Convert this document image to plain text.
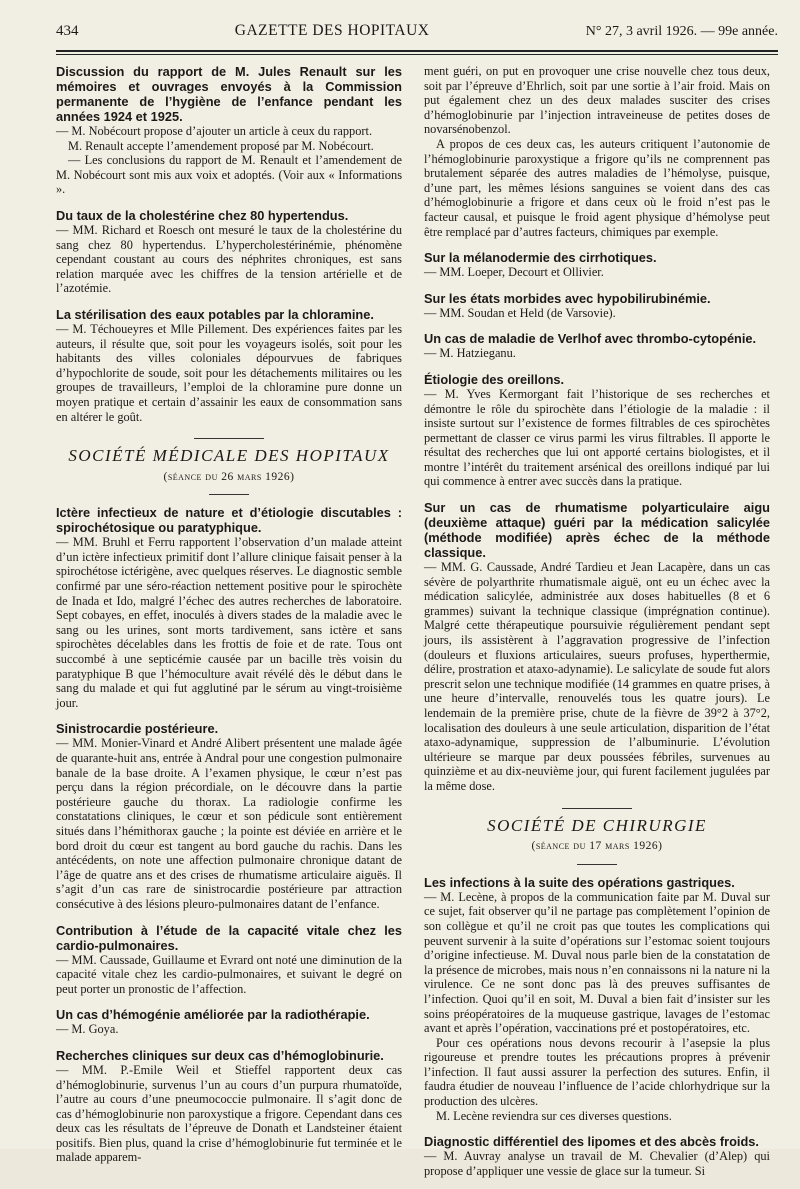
434	GAZETTE DES HOPITAUX	N° 27, 3 avril 1926. — 99e année.
Discussion du rapport de M. Jules Renault sur les mémoires et ouvrages envoyés à la Commission permanente de l’hygiène de l’enfance pendant les années 1924 et 1925.

— M. Nobécourt propose d’ajouter un article à ceux du rapport.

M. Renault accepte l’amendement proposé par M. Nobécourt.

— Les conclusions du rapport de M. Renault et l’amendement de M. Nobécourt sont mis aux voix et adoptés. (Voir aux « Informations ».

Du taux de la cholestérine chez 80 hypertendus.

— MM. Richard et Roesch ont mesuré le taux de la cholestérine du sang chez 80 hypertendus. L’hypercholestérinémie, phénomène cependant coustant au cours des néphrites chroniques, est sans relation marquée avec les chiffres de la tension artérielle et de l’azotémie.

La stérilisation des eaux potables par la chloramine.

— M. Téchoueyres et Mlle Pillement. Des expériences faites par les auteurs, il résulte que, soit pour les voyageurs isolés, soit pour les habitants des villes coloniales dépourvues de fabriques d’hypochlorite de soude, soit pour les détachements militaires ou les groupes de travailleurs, l’emploi de la chloramine pure donne un moyen pratique et certain d’assainir les eaux de consommation sans en altérer le goût.

SOCIÉTÉ MÉDICALE DES HOPITAUX
(séance du 26 mars 1926)
Ictère infectieux de nature et d’étiologie discutables : spirochétosique ou paratyphique.

— MM. Bruhl et Ferru rapportent l’observation d’un malade atteint d’un ictère infectieux primitif dont l’allure clinique faisait penser à la spirochétose ictérigène, avec quelques réserves. Le diagnostic semble confirmé par une séro-réaction nettement positive pour le spirochète de Inada et Ido, malgré l’échec des autres recherches de laboratoire. Sept cobayes, en effet, inoculés à divers stades de la maladie avec le sang ou les urines, sont morts tardivement, sans ictère et sans spirochètes décelables dans les frottis de foie et de rate. Tous ont succombé à une septicémie causée par un bacille très voisin du paratyphique B que l’hémoculture avait révélé dès le début dans le sang du malade et qui fut agglutiné par le sérum au vingt-troisième jour.

Sinistrocardie postérieure.

— MM. Monier-Vinard et André Alibert présentent une malade âgée de quarante-huit ans, entrée à Andral pour une congestion pulmonaire banale de la base droite. A l’examen physique, le cœur n’est pas perçu dans la région précordiale, on le découvre dans la partie postérieure gauche du thorax. La radiologie confirme les constatations cliniques, le cœur et son pédicule sont entièrement situés dans l’hémithorax gauche ; la pointe est déviée en arrière et le bord droit du cœur est tangent au bord gauche du rachis. Dans les antécédents, on note une affection pulmonaire chronique datant de l’âge de quatre ans et des crises de rhumatisme articulaire aiguës. Il s’agit d’un cas rare de sinistrocardie postérieure par attraction consécutive à des lésions pleuro-pulmonaires datant de l’enfance.

Contribution à l’étude de la capacité vitale chez les cardio-pulmonaires.

— MM. Caussade, Guillaume et Evrard ont noté une diminution de la capacité vitale chez les cardio-pulmonaires, et suivant le degré on peut porter un pronostic de l’affection.

Un cas d’hémogénie améliorée par la radiothérapie.

— M. Goya.

Recherches cliniques sur deux cas d’hémoglobinurie.

— MM. P.-Emile Weil et Stieffel rapportent deux cas d’hémoglobinurie, survenus l’un au cours d’un purpura rhumatoïde, l’autre au cours d’une pneumococcie pulmonaire. Il s’agit donc de cas d’hémoglobinurie non paroxystique a frigore. Cependant dans ces deux cas les résultats de l’épreuve de Donath et Landsteiner étaient positifs. Bien plus, quand la crise d’hémoglobinurie fut terminée et le malade apparem-

ment guéri, on put en provoquer une crise nouvelle chez tous deux, soit par l’épreuve d’Ehrlich, soit par une sortie à l’air froid. Mais on put également chez un des deux malades susciter des crises d’hémoglobinurie par l’injection intraveineuse de petites doses de novarsénobenzol.

A propos de ces deux cas, les auteurs critiquent l’autonomie de l’hémoglobinurie paroxystique a frigore qu’ils ne comprennent pas brutalement séparée des autres maladies de l’hémolyse, puisque, d’une part, les mêmes lésions sanguines se voient dans des cas d’hémoglobinurie a frigore et dans ceux où le froid n’est pas le facteur causal, et puisque le froid agent physique d’hémolyse peut être remplacé par d’autres facteurs, chimiques par exemple.

Sur la mélanodermie des cirrhotiques.

— MM. Loeper, Decourt et Ollivier.

Sur les états morbides avec hypobilirubinémie.

— MM. Soudan et Held (de Varsovie).

Un cas de maladie de Verlhof avec thrombo-cytopénie.

— M. Hatzieganu.

Étiologie des oreillons.

— M. Yves Kermorgant fait l’historique de ses recherches et démontre le rôle du spirochète dans l’étiologie de la maladie : il insiste surtout sur l’existence de formes filtrables de ces spirochètes permettant de classer ce virus parmi les virus filtrables. Il apporte le résultat des recherches que lui ont apporté certains biologistes, et il montre l’intérêt du traitement arsénical des oreillons indiqué par lui qui commence à entrer avec succès dans la pratique.

Sur un cas de rhumatisme polyarticulaire aigu (deuxième attaque) guéri par la médication salicylée (méthode modifiée) après échec de la méthode classique.

— MM. G. Caussade, André Tardieu et Jean Lacapère, dans un cas sévère de polyarthrite rhumatismale aiguë, ont eu un échec avec la médication salicylée, administrée aux doses habituelles (8 et 6 grammes) suivant la technique classique (imprégnation continue). Malgré cette thérapeutique poursuivie régulièrement pendant sept jours, ils assistèrent à l’aggravation progressive de l’infection (douleurs et fluxions articulaires, sueurs profuses, hyperthermie, délire, prostration et ataxo-adynamie). Le salicylate de soude fut alors prescrit selon une technique modifiée (14 grammes en quatre prises, à une heure d’intervalle, renouvelés tous les quatre jours). Le lendemain de la première prise, chute de la fièvre de 39°2 à 37°2, localisation des douleurs à une seule articulation, disparition de l’état ataxo-adynamique, suppression de l’albuminurie. L’évolution ultérieure se marque par deux poussées fébriles, survenues au quinzième et au dix-neuvième jour, qui furent facilement jugulées par la même dose.

SOCIÉTÉ DE CHIRURGIE
(séance du 17 mars 1926)
Les infections à la suite des opérations gastriques.

— M. Lecène, à propos de la communication faite par M. Duval sur ce sujet, fait observer qu’il ne partage pas complètement l’opinion de son collègue et qu’il ne croit pas que toutes les complications qui peuvent survenir à la suite d’opérations sur l’estomac soient toujours d’origine infectieuse. M. Duval nous parle bien de la constatation de la présence de microbes, mais nous n’en connaissons ni la nature ni la virulence. Ce ne sont donc pas là des preuves suffisantes de l’infection. Quoi qu’il en soit, M. Duval a bien fait d’insister sur les soins préopératoires de la muqueuse gastrique, lavages de l’estomac avant et après l’opération, vaccinations pré et postopératoires, etc.

Pour ces opérations nous devons recourir à l’asepsie la plus rigoureuse et prendre toutes les précautions propres à prévenir l’infection. Il faut aussi assurer la perfection des sutures. Enfin, il faudra étudier de nouveau l’influence de l’acide chlorhydrique sur la production des ulcères.

M. Lecène reviendra sur ces diverses questions.

Diagnostic différentiel des lipomes et des abcès froids.

— M. Auvray analyse un travail de M. Chevalier (d’Alep) qui propose d’appliquer une vessie de glace sur la tumeur. Si
